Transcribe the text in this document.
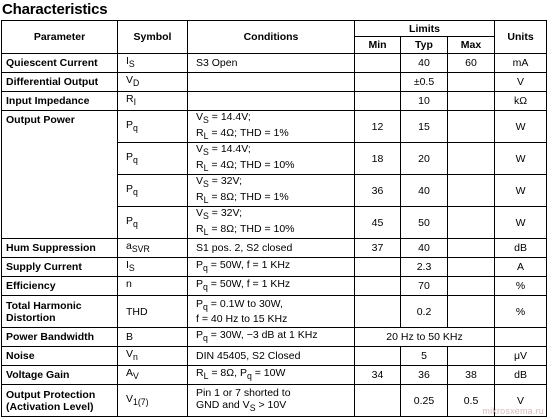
Characteristics
Parameter	Symbol	Conditions	Limits			Units
			Min	Typ	Max	
Quiescent Current	$I_S$	S3 Open		40	60	mA
Differential Output	$V_D$			±0.5		V
Input Impedance	$R_I$			10		kΩ
Output Power	$P_q$	$V_S = 14.4V$;
$R_L = 4\Omega$; THD = 1%	12	15		W
	$P_q$	$V_S = 14.4V$;
$R_L = 4\Omega$; THD = 10%	18	20		W
	$P_q$	$V_S = 32V$;
$R_L = 8\Omega$; THD = 1%	36	40		W
	$P_q$	$V_S = 32V$;
$R_L = 8\Omega$; THD = 10%	45	50		W
Hum Suppression	$a_{SVR}$	S1 pos. 2, S2 closed	37	40		dB
Supply Current	$I_S$	$P_q = 50W$, f = 1 KHz		2.3		A
Efficiency	n	$P_q = 50W$, f = 1 KHz		70		%
Total Harmonic
Distortion	THD	$P_q = 0.1W$ to 30W,
f = 40 Hz to 15 KHz		0.2		%
Power Bandwidth	B	$P_q = 30W$, −3 dB at 1 KHz	20 Hz to 50 KHz			
Noise	$V_n$	DIN 45405, S2 Closed		5		μV
Voltage Gain	$A_V$	$R_L = 8\Omega$, $P_q = 10W$	34	36	38	dB
Output Protection
(Activation Level)	$V_{1(7)}$	Pin 1 or 7 shorted to
GND and $V_S > 10V$		0.25	0.5	V
mikrosxema.ru
